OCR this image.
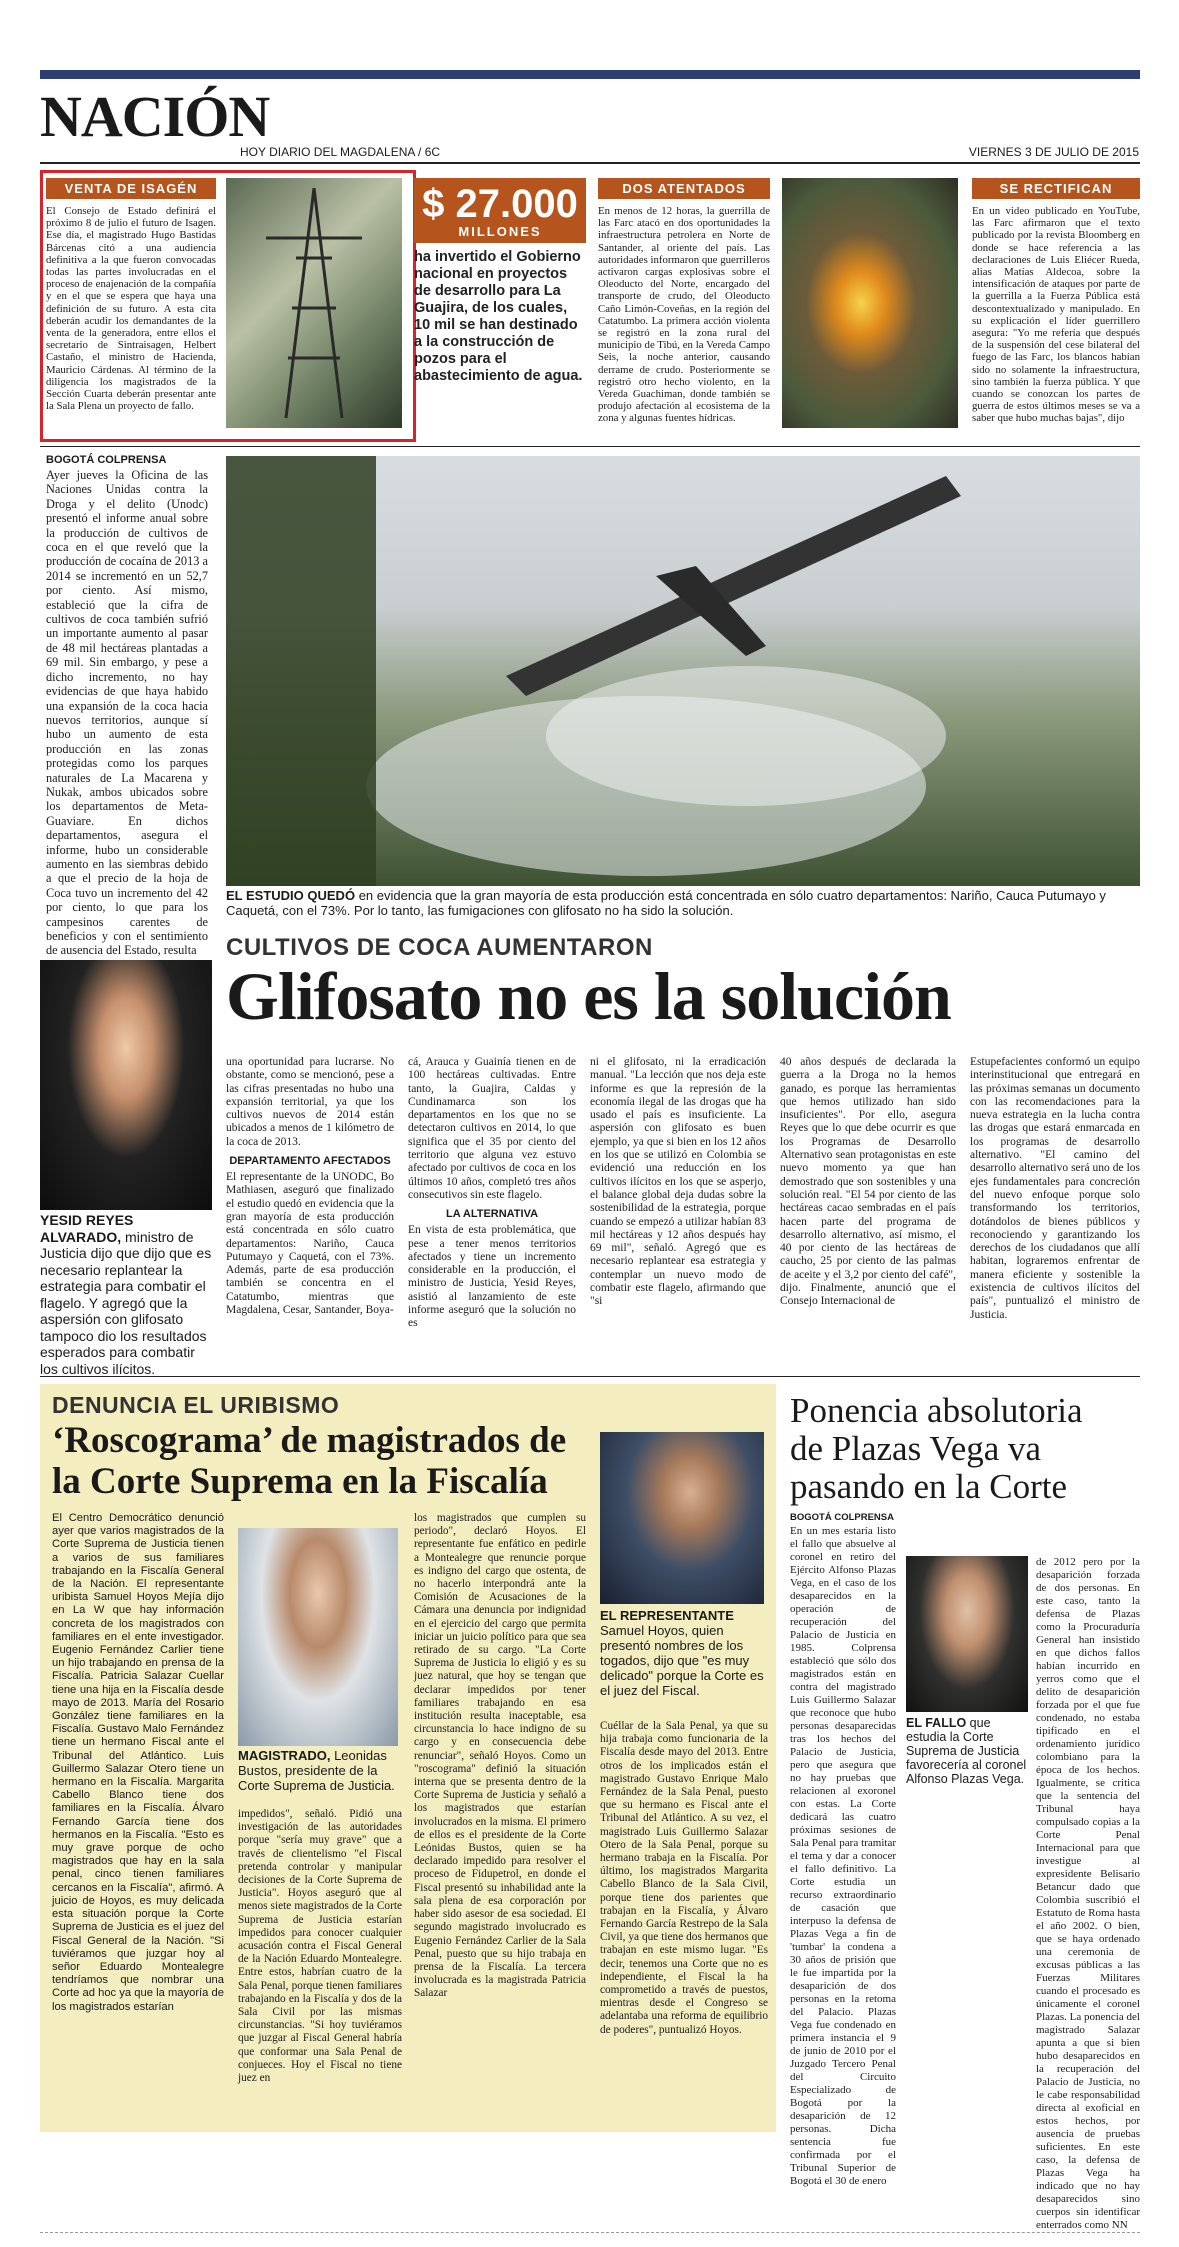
NACIÓN
HOY DIARIO DEL MAGDALENA / 6C	VIERNES 3 DE JULIO DE 2015
VENTA DE ISAGÉN
El Consejo de Estado definirá el próximo 8 de julio el futuro de Isagen. Ese día, el magistrado Hugo Bastidas Bárcenas citó a una audiencia definitiva a la que fueron convocadas todas las partes involucradas en el proceso de enajenación de la compañía y en el que se espera que haya una definición de su futuro. A esta cita deberán acudir los demandantes de la venta de la generadora, entre ellos el secretario de Sintraisagen, Helbert Castaño, el ministro de Hacienda, Mauricio Cárdenas. Al término de la diligencia los magistrados de la Sección Cuarta deberán presentar ante la Sala Plena un proyecto de fallo.
$ 27.000
MILLONES
ha invertido el Gobierno nacional en proyectos de desarrollo para La Guajira, de los cuales, 10 mil se han destinado a la construcción de pozos para el abastecimiento de agua.
DOS ATENTADOS
En menos de 12 horas, la guerrilla de las Farc atacó en dos oportunidades la infraestructura petrolera en Norte de Santander, al oriente del país. Las autoridades informaron que guerrilleros activaron cargas explosivas sobre el Oleoducto del Norte, encargado del transporte de crudo, del Oleoducto Caño Limón-Coveñas, en la región del Catatumbo. La primera acción violenta se registró en la zona rural del municipio de Tibú, en la Vereda Campo Seis, la noche anterior, causando derrame de crudo. Posteriormente se registró otro hecho violento, en la Vereda Guachiman, donde también se produjo afectación al ecosistema de la zona y algunas fuentes hídricas.
SE RECTIFICAN
En un video publicado en YouTube, las Farc afirmaron que el texto publicado por la revista Bloomberg en donde se hace referencia a las declaraciones de Luis Eliécer Rueda, alias Matías Aldecoa, sobre la intensificación de ataques por parte de la guerrilla a la Fuerza Pública está descontextualizado y manipulado. En su explicación el líder guerrillero asegura: "Yo me refería que después de la suspensión del cese bilateral del fuego de las Farc, los blancos habían sido no solamente la infraestructura, sino también la fuerza pública. Y que cuando se conozcan los partes de guerra de estos últimos meses se va a saber que hubo muchas bajas", dijo
BOGOTÁ COLPRENSA
Ayer jueves la Oficina de las Naciones Unidas contra la Droga y el delito (Unodc) presentó el informe anual sobre la producción de cultivos de coca en el que reveló que la producción de cocaína de 2013 a 2014 se incrementó en un 52,7 por ciento. Así mismo, estableció que la cifra de cultivos de coca también sufrió un importante aumento al pasar de 48 mil hectáreas plantadas a 69 mil. Sin embargo, y pese a dicho incremento, no hay evidencias de que haya habido una expansión de la coca hacia nuevos territorios, aunque sí hubo un aumento de esta producción en las zonas protegidas como los parques naturales de La Macarena y Nukak, ambos ubicados sobre los departamentos de Meta-Guaviare. En dichos departamentos, asegura el informe, hubo un considerable aumento en las siembras debido a que el precio de la hoja de Coca tuvo un incremento del 42 por ciento, lo que para los campesinos carentes de beneficios y con el sentimiento de ausencia del Estado, resulta
EL ESTUDIO QUEDÓ en evidencia que la gran mayoría de esta producción está concentrada en sólo cuatro departamentos: Nariño, Cauca Putumayo y Caquetá, con el 73%. Por lo tanto, las fumigaciones con glifosato no ha sido la solución.
CULTIVOS DE COCA AUMENTARON
Glifosato no es la solución
YESID REYES ALVARADO, ministro de Justicia dijo que dijo que es necesario replantear la estrategia para combatir el flagelo. Y agregó que la aspersión con glifosato tampoco dio los resultados esperados para combatir los cultivos ilícitos.
una oportunidad para lucrarse. No obstante, como se mencionó, pese a las cifras presentadas no hubo una expansión territorial, ya que los cultivos nuevos de 2014 están ubicados a menos de 1 kilómetro de la coca de 2013.
DEPARTAMENTO AFECTADOS
El representante de la UNODC, Bo Mathiasen, aseguró que finalizado el estudio quedó en evidencia que la gran mayoría de esta producción está concentrada en sólo cuatro departamentos: Nariño, Cauca Putumayo y Caquetá, con el 73%. Además, parte de esa producción también se concentra en el Catatumbo, mientras que Magdalena, Cesar, Santander, Boya-
cá, Arauca y Guainía tienen en de 100 hectáreas cultivadas. Entre tanto, la Guajira, Caldas y Cundinamarca son los departamentos en los que no se detectaron cultivos en 2014, lo que significa que el 35 por ciento del territorio que alguna vez estuvo afectado por cultivos de coca en los últimos 10 años, completó tres años consecutivos sin este flagelo.
LA ALTERNATIVA
En vista de esta problemática, que pese a tener menos territorios afectados y tiene un incremento considerable en la producción, el ministro de Justicia, Yesid Reyes, asistió al lanzamiento de este informe aseguró que la solución no es
ni el glifosato, ni la erradicación manual. "La lección que nos deja este informe es que la represión de la economía ilegal de las drogas que ha usado el país es insuficiente. La aspersión con glifosato es buen ejemplo, ya que si bien en los 12 años en los que se utilizó en Colombia se evidenció una reducción en los cultivos ilícitos en los que se asperjo, el balance global deja dudas sobre la sostenibilidad de la estrategia, porque cuando se empezó a utilizar habían 83 mil hectáreas y 12 años después hay 69 mil", señaló. Agregó que es necesario replantear esa estrategia y contemplar un nuevo modo de combatir este flagelo, afirmando que "si
40 años después de declarada la guerra a la Droga no la hemos ganado, es porque las herramientas que hemos utilizado han sido insuficientes". Por ello, asegura Reyes que lo que debe ocurrir es que los Programas de Desarrollo Alternativo sean protagonistas en este nuevo momento ya que han demostrado que son sostenibles y una solución real. "El 54 por ciento de las hectáreas cacao sembradas en el país hacen parte del programa de desarrollo alternativo, así mismo, el 40 por ciento de las hectáreas de caucho, 25 por ciento de las palmas de aceite y el 3,2 por ciento del café", dijo. Finalmente, anunció que el Consejo Internacional de
Estupefacientes conformó un equipo interinstitucional que entregará en las próximas semanas un documento con las recomendaciones para la nueva estrategia en la lucha contra las drogas que estará enmarcada en los programas de desarrollo alternativo. "El camino del desarrollo alternativo será uno de los ejes fundamentales para concreción del nuevo enfoque porque solo transformando los territorios, dotándolos de bienes públicos y reconociendo y garantizando los derechos de los ciudadanos que allí habitan, lograremos enfrentar de manera eficiente y sostenible la existencia de cultivos ilícitos del país", puntualizó el ministro de Justicia.
DENUNCIA EL URIBISMO
‘Roscograma’ de magistrados de
la Corte Suprema en la Fiscalía
El Centro Democrático denunció ayer que varios magistrados de la Corte Suprema de Justicia tienen a varios de sus familiares trabajando en la Fiscalía General de la Nación. El representante uribista Samuel Hoyos Mejía dijo en La W que hay información concreta de los magistrados con familiares en el ente investigador. Eugenio Fernández Carlier tiene un hijo trabajando en prensa de la Fiscalía. Patricia Salazar Cuellar tiene una hija en la Fiscalía desde mayo de 2013. María del Rosario González tiene familiares en la Fiscalía. Gustavo Malo Fernández tiene un hermano Fiscal ante el Tribunal del Atlántico. Luis Guillermo Salazar Otero tiene un hermano en la Fiscalía. Margarita Cabello Blanco tiene dos familiares en la Fiscalía. Álvaro Fernando García tiene dos hermanos en la Fiscalía. "Esto es muy grave porque de ocho magistrados que hay en la sala penal, cinco tienen familiares cercanos en la Fiscalía", afirmó. A juicio de Hoyos, es muy delicada esta situación porque la Corte Suprema de Justicia es el juez del Fiscal General de la Nación. "Si tuviéramos que juzgar hoy al señor Eduardo Montealegre tendríamos que nombrar una Corte ad hoc ya que la mayoría de los magistrados estarían
MAGISTRADO, Leonidas Bustos, presidente de la Corte Suprema de Justicia.
impedidos", señaló. Pidió una investigación de las autoridades porque "sería muy grave" que a través de clientelismo "el Fiscal pretenda controlar y manipular decisiones de la Corte Suprema de Justicia". Hoyos aseguró que al menos siete magistrados de la Corte Suprema de Justicia estarían impedidos para conocer cualquier acusación contra el Fiscal General de la Nación Eduardo Montealegre. Entre estos, habrían cuatro de la Sala Penal, porque tienen familiares trabajando en la Fiscalía y dos de la Sala Civil por las mismas circunstancias. "Si hoy tuviéramos que juzgar al Fiscal General habría que conformar una Sala Penal de conjueces. Hoy el Fiscal no tiene juez en
los magistrados que cumplen su periodo", declaró Hoyos. El representante fue enfático en pedirle a Montealegre que renuncie porque es indigno del cargo que ostenta, de no hacerlo interpondrá ante la Comisión de Acusaciones de la Cámara una denuncia por indignidad en el ejercicio del cargo que permita iniciar un juicio político para que sea retirado de su cargo. "La Corte Suprema de Justicia lo eligió y es su juez natural, que hoy se tengan que declarar impedidos por tener familiares trabajando en esa institución resulta inaceptable, esa circunstancia lo hace indigno de su cargo y en consecuencia debe renunciar", señaló Hoyos. Como un "roscograma" definió la situación interna que se presenta dentro de la Corte Suprema de Justicia y señaló a los magistrados que estarían involucrados en la misma. El primero de ellos es el presidente de la Corte Leónidas Bustos, quien se ha declarado impedido para resolver el proceso de Fidupetrol, en donde el Fiscal presentó su inhabilidad ante la sala plena de esa corporación por haber sido asesor de esa sociedad. El segundo magistrado involucrado es Eugenio Fernández Carlier de la Sala Penal, puesto que su hijo trabaja en prensa de la Fiscalía. La tercera involucrada es la magistrada Patricia Salazar
EL REPRESENTANTE Samuel Hoyos, quien presentó nombres de los togados, dijo que "es muy delicado" porque la Corte es el juez del Fiscal.
Cuéllar de la Sala Penal, ya que su hija trabaja como funcionaria de la Fiscalía desde mayo del 2013. Entre otros de los implicados están el magistrado Gustavo Enrique Malo Fernández de la Sala Penal, puesto que su hermano es Fiscal ante el Tribunal del Atlántico. A su vez, el magistrado Luis Guillermo Salazar Otero de la Sala Penal, porque su hermano trabaja en la Fiscalía. Por último, los magistrados Margarita Cabello Blanco de la Sala Civil, porque tiene dos parientes que trabajan en la Fiscalía, y Álvaro Fernando García Restrepo de la Sala Civil, ya que tiene dos hermanos que trabajan en este mismo lugar. "Es decir, tenemos una Corte que no es independiente, el Fiscal la ha comprometido a través de puestos, mientras desde el Congreso se adelantaba una reforma de equilibrio de poderes", puntualizó Hoyos.
Ponencia absolutoria
de Plazas Vega va
pasando en la Corte
BOGOTÁ COLPRENSA
En un mes estaría listo el fallo que absuelve al coronel en retiro del Ejército Alfonso Plazas Vega, en el caso de los desaparecidos en la operación de recuperación del Palacio de Justicia en 1985. Colprensa estableció que sólo dos magistrados están en contra del magistrado Luis Guillermo Salazar que reconoce que hubo personas desaparecidas tras los hechos del Palacio de Justicia, pero que asegura que no hay pruebas que relacionen al exoronel con estas. La Corte dedicará las cuatro próximas sesiones de Sala Penal para tramitar el tema y dar a conocer el fallo definitivo. La Corte estudia un recurso extraordinario de casación que interpuso la defensa de Plazas Vega a fin de 'tumbar' la condena a 30 años de prisión que le fue impartida por la desaparición de dos personas en la retoma del Palacio. Plazas Vega fue condenado en primera instancia el 9 de junio de 2010 por el Juzgado Tercero Penal del Circuito Especializado de Bogotá por la desaparición de 12 personas. Dicha sentencia fue confirmada por el Tribunal Superior de Bogotá el 30 de enero
EL FALLO que estudia la Corte Suprema de Justicia favorecería al coronel Alfonso Plazas Vega.
de 2012 pero por la desaparición forzada de dos personas. En este caso, tanto la defensa de Plazas como la Procuraduría General han insistido en que dichos fallos habían incurrido en yerros como que el delito de desaparición forzada por el que fue condenado, no estaba tipificado en el ordenamiento jurídico colombiano para la época de los hechos. Igualmente, se critica que la sentencia del Tribunal haya compulsado copias a la Corte Penal Internacional para que investigue al expresidente Belisario Betancur dado que Colombia suscribió el Estatuto de Roma hasta el año 2002. O bien, que se haya ordenado una ceremonia de excusas públicas a las Fuerzas Militares cuando el procesado es únicamente el coronel Plazas. La ponencia del magistrado Salazar apunta a que si bien hubo desaparecidos en la recuperación del Palacio de Justicia, no le cabe responsabilidad directa al exoficial en estos hechos, por ausencia de pruebas suficientes. En este caso, la defensa de Plazas Vega ha indicado que no hay desaparecidos sino cuerpos sin identificar enterrados como NN
